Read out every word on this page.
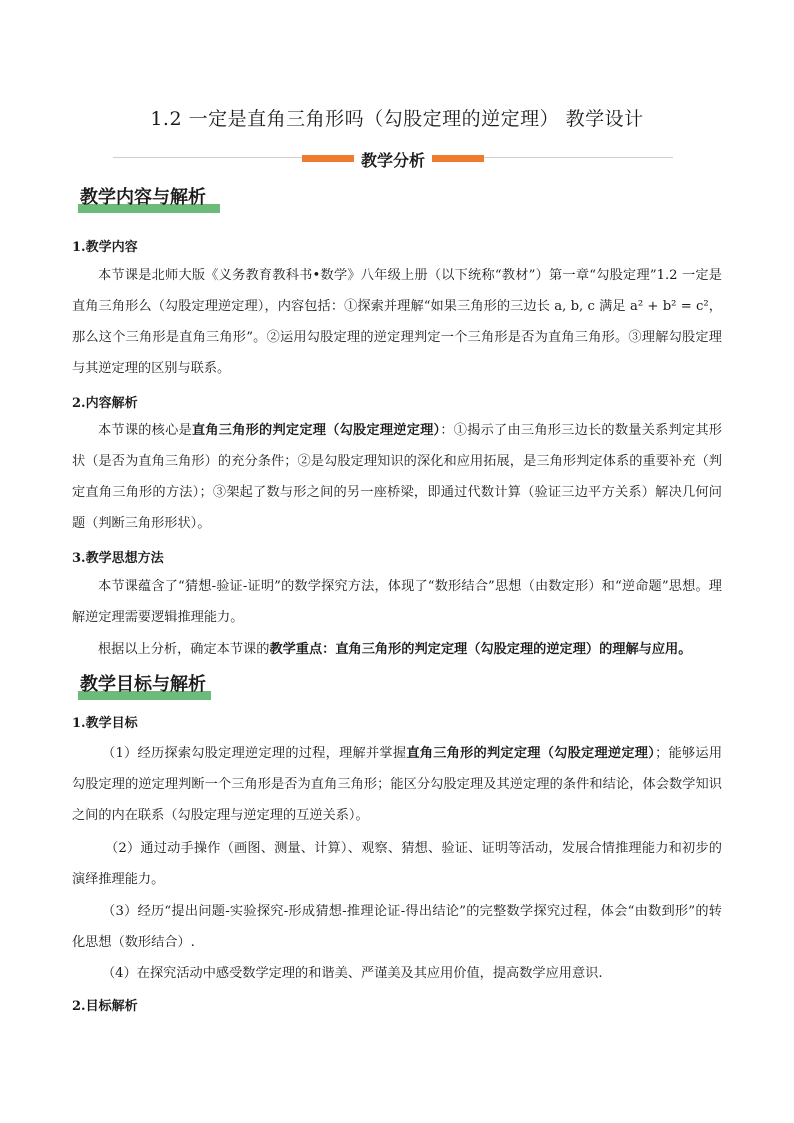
1.2 一定是直角三角形吗（勾股定理的逆定理） 教学设计
教学分析
教学内容与解析
1.教学内容
本节课是北师大版《义务教育教科书•数学》八年级上册（以下统称“教材”）第一章“勾股定理”1.2 一定是直角三角形么（勾股定理逆定理），内容包括：①探索并理解“如果三角形的三边长 a, b, c 满足 a² + b² = c²，那么这个三角形是直角三角形”。②运用勾股定理的逆定理判定一个三角形是否为直角三角形。③理解勾股定理与其逆定理的区别与联系。
2.内容解析
本节课的核心是直角三角形的判定定理（勾股定理逆定理）：①揭示了由三角形三边长的数量关系判定其形状（是否为直角三角形）的充分条件；②是勾股定理知识的深化和应用拓展，是三角形判定体系的重要补充（判定直角三角形的方法）；③架起了数与形之间的另一座桥梁，即通过代数计算（验证三边平方关系）解决几何问题（判断三角形形状）。
3.教学思想方法
本节课蕴含了“猜想-验证-证明”的数学探究方法，体现了“数形结合”思想（由数定形）和“逆命题”思想。理解逆定理需要逻辑推理能力。
根据以上分析，确定本节课的教学重点：直角三角形的判定定理（勾股定理的逆定理）的理解与应用。
教学目标与解析
1.教学目标
（1）经历探索勾股定理逆定理的过程，理解并掌握直角三角形的判定定理（勾股定理逆定理）；能够运用勾股定理的逆定理判断一个三角形是否为直角三角形；能区分勾股定理及其逆定理的条件和结论，体会数学知识之间的内在联系（勾股定理与逆定理的互逆关系）。
（2）通过动手操作（画图、测量、计算）、观察、猜想、验证、证明等活动，发展合情推理能力和初步的演绎推理能力。
（3）经历“提出问题-实验探究-形成猜想-推理论证-得出结论”的完整数学探究过程，体会“由数到形”的转化思想（数形结合）.
（4）在探究活动中感受数学定理的和谐美、严谨美及其应用价值，提高数学应用意识.
2.目标解析
